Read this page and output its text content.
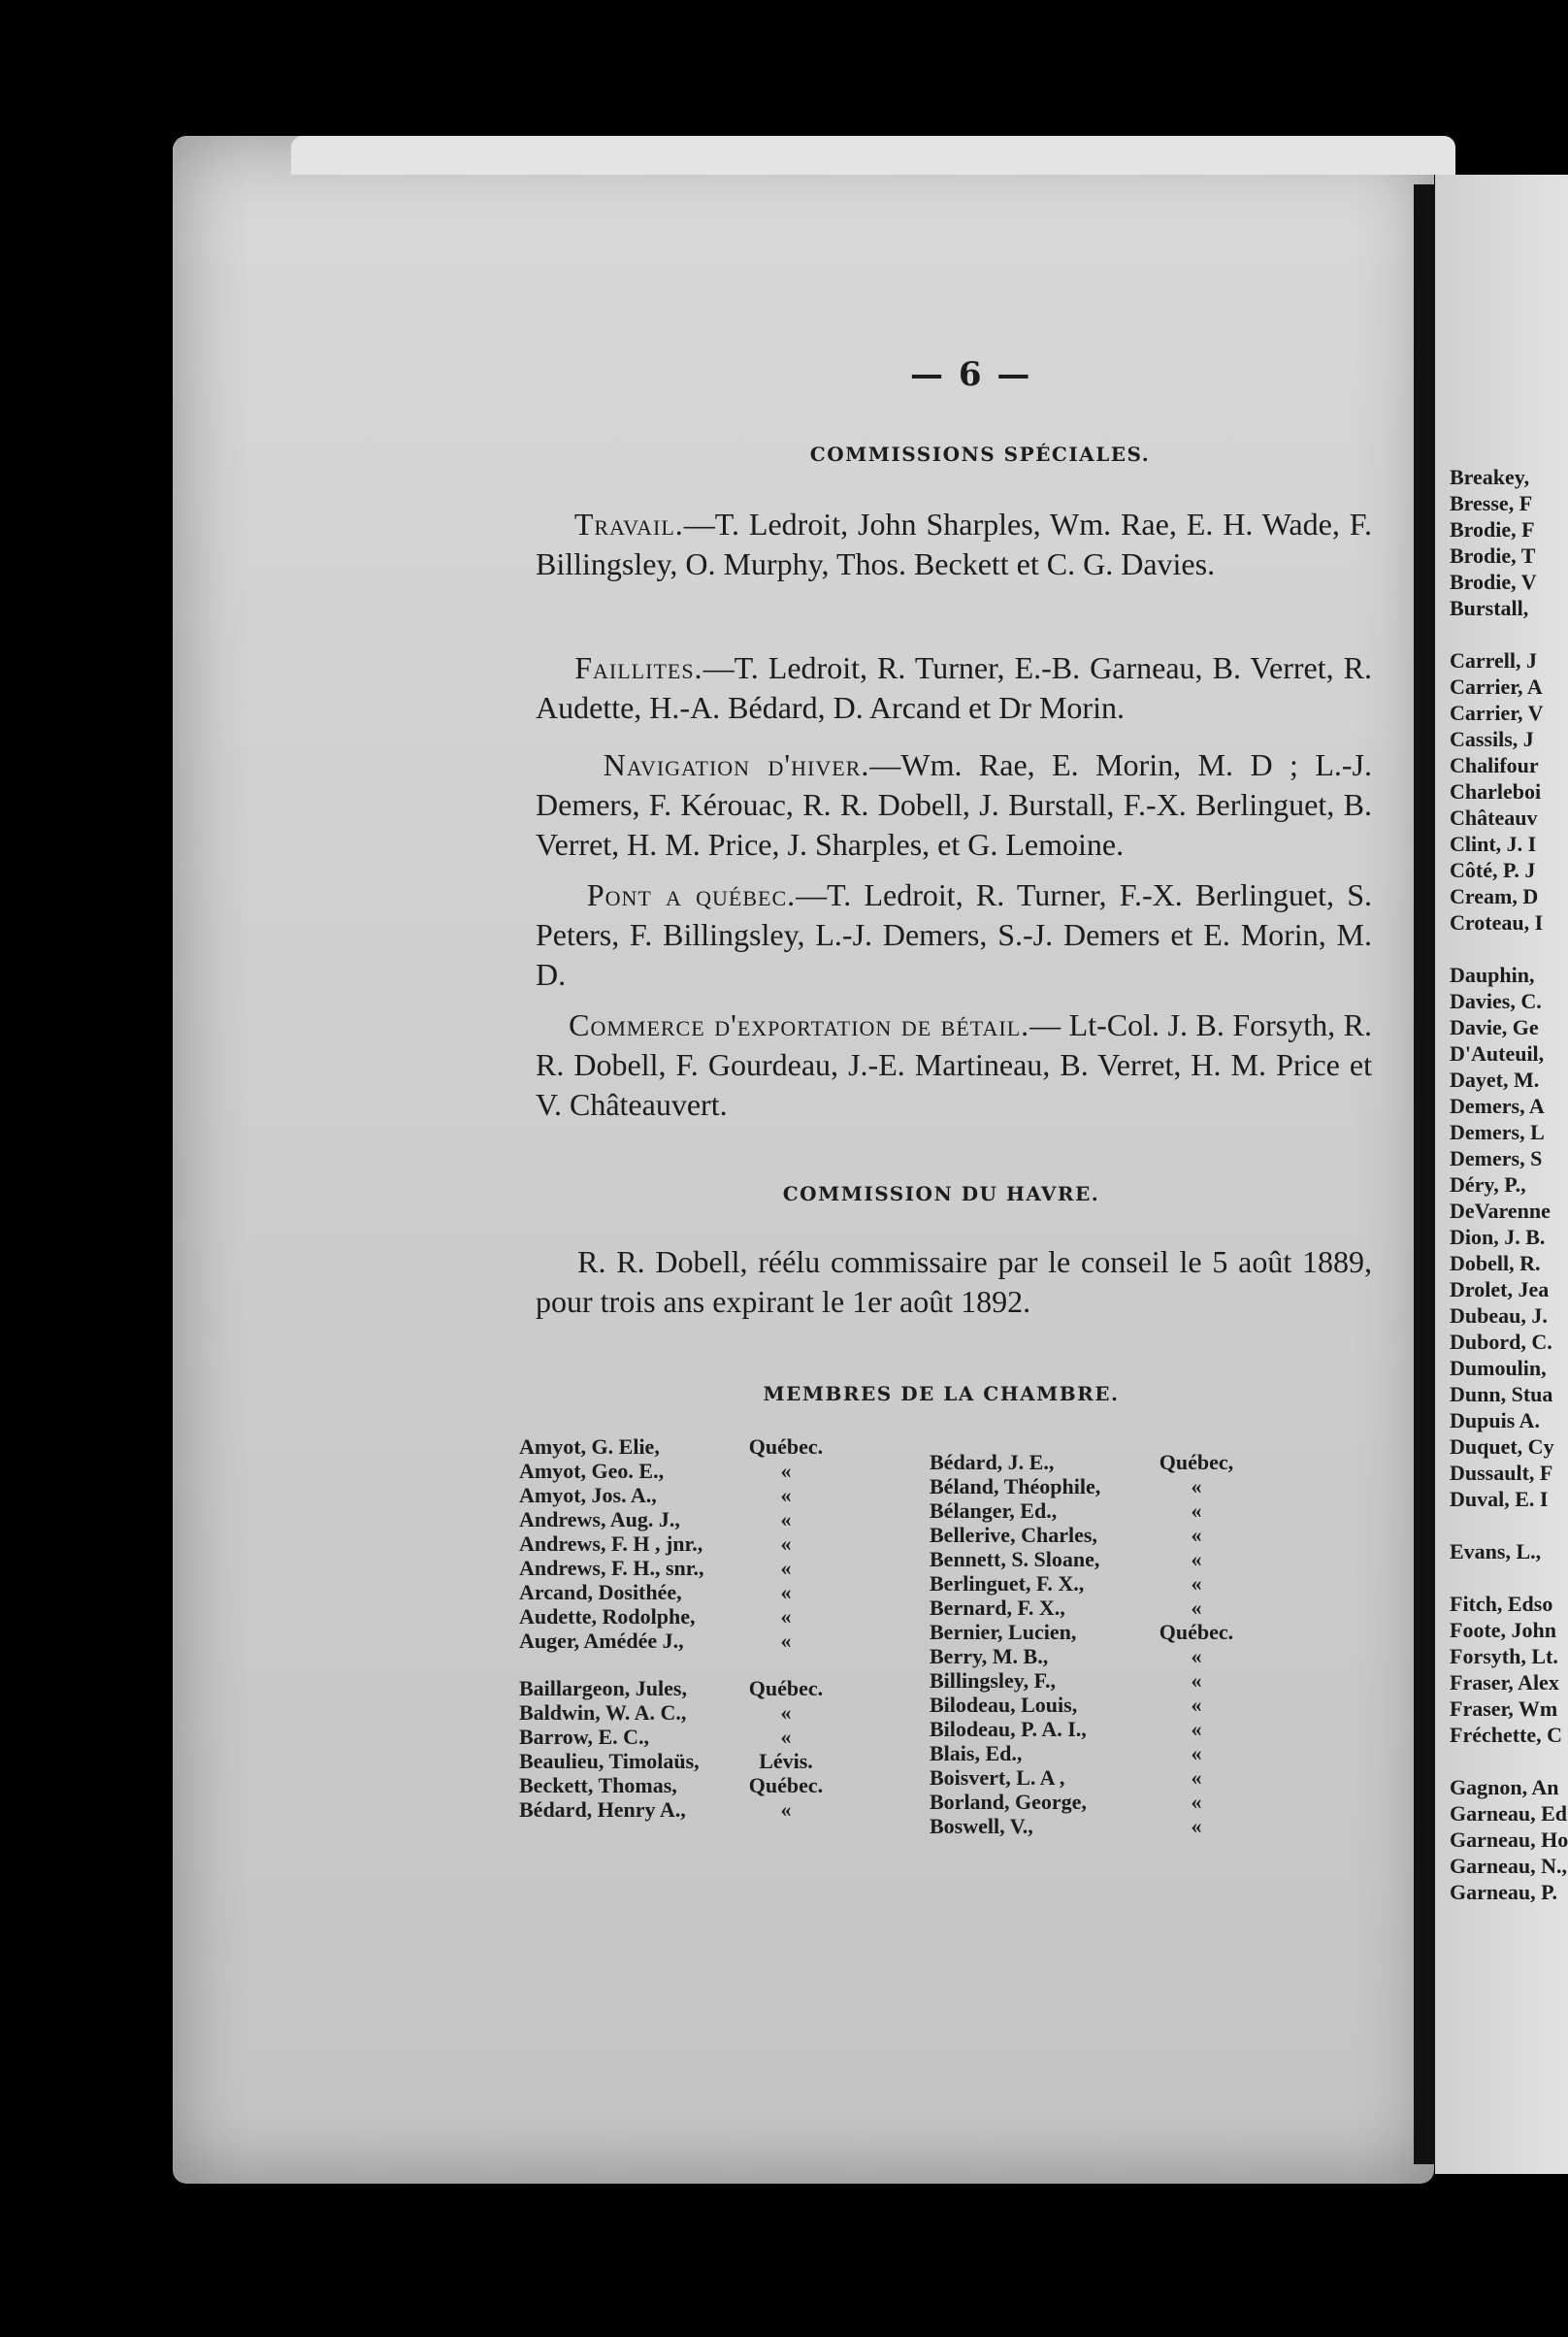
Breakey,
Bresse, F
Brodie, F
Brodie, T
Brodie, V
Burstall,
Carrell, J
Carrier, A
Carrier, V
Cassils, J
Chalifour
Charleboi
Châteauv
Clint, J. I
Côté, P. J
Cream, D
Croteau, I
Dauphin,
Davies, C.
Davie, Ge
D'Auteuil,
Dayet, M.
Demers, A
Demers, L
Demers, S
Déry, P.,
DeVarenne
Dion, J. B.
Dobell, R.
Drolet, Jea
Dubeau, J.
Dubord, C.
Dumoulin,
Dunn, Stua
Dupuis A.
Duquet, Cy
Dussault, F
Duval, E. I
Evans, L.,
Fitch, Edso
Foote, John
Forsyth, Lt.
Fraser, Alex
Fraser, Wm
Fréchette, C
Gagnon, An
Garneau, Ed
Garneau, Ho
Garneau, N.,
Garneau, P.
— 6 —
COMMISSIONS SPÉCIALES.
Travail.—T. Ledroit, John Sharples, Wm. Rae, E. H. Wade, F. Billingsley, O. Murphy, Thos. Beckett et C. G. Davies.
Faillites.—T. Ledroit, R. Turner, E.-B. Garneau, B. Verret, R. Audette, H.-A. Bédard, D. Arcand et Dr Morin.
Navigation d'hiver.—Wm. Rae, E. Morin, M. D ; L.-J. Demers, F. Kérouac, R. R. Dobell, J. Burstall, F.-X. Berlinguet, B. Verret, H. M. Price, J. Sharples, et G. Lemoine.
Pont a québec.—T. Ledroit, R. Turner, F.-X. Berlinguet, S. Peters, F. Billingsley, L.-J. Demers, S.-J. Demers et E. Morin, M. D.
Commerce d'exportation de bétail.— Lt-Col. J. B. Forsyth, R. R. Dobell, F. Gourdeau, J.-E. Martineau, B. Verret, H. M. Price et V. Châteauvert.
COMMISSION DU HAVRE.
R. R. Dobell, réélu commissaire par le conseil le 5 août 1889, pour trois ans expirant le 1er août 1892.
MEMBRES DE LA CHAMBRE.
Amyot, G. Elie,	Québec.
Amyot, Geo. E.,	«
Amyot, Jos. A.,	«
Andrews, Aug. J.,	«
Andrews, F. H , jnr.,	«
Andrews, F. H., snr.,	«
Arcand, Dosithée,	«
Audette, Rodolphe,	«
Auger, Amédée J.,	«
Baillargeon, Jules,	Québec.
Baldwin, W. A. C.,	«
Barrow, E. C.,	«
Beaulieu, Timolaüs,	Lévis.
Beckett, Thomas,	Québec.
Bédard, Henry A.,	«
Bédard, J. E.,	Québec,
Béland, Théophile,	«
Bélanger, Ed.,	«
Bellerive, Charles,	«
Bennett, S. Sloane,	«
Berlinguet, F. X.,	«
Bernard, F. X.,	«
Bernier, Lucien,	Québec.
Berry, M. B.,	«
Billingsley, F.,	«
Bilodeau, Louis,	«
Bilodeau, P. A. I.,	«
Blais, Ed.,	«
Boisvert, L. A ,	«
Borland, George,	«
Boswell, V.,	«
